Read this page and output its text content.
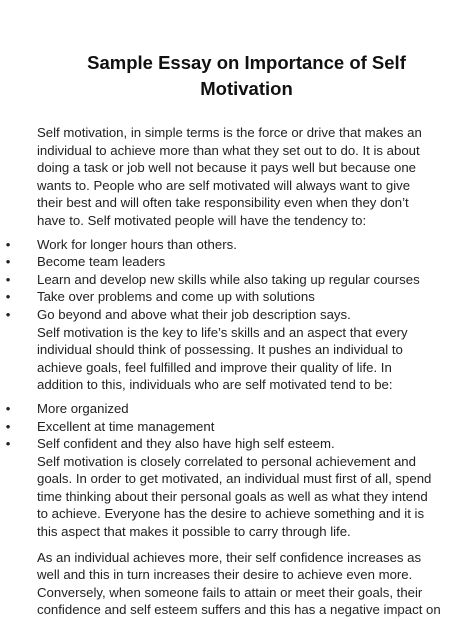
Sample Essay on Importance of Self
Motivation

Self motivation, in simple terms is the force or drive that makes an
individual to achieve more than what they set out to do. It is about
doing a task or job well not because it pays well but because one
wants to. People who are self motivated will always want to give
their best and will often take responsibility even when they don’t
have to. Self motivated people will have the tendency to:

• Work for longer hours than others.
• Become team leaders
• Learn and develop new skills while also taking up regular courses
• Take over problems and come up with solutions
• Go beyond and above what their job description says.

Self motivation is the key to life’s skills and an aspect that every
individual should think of possessing. It pushes an individual to
achieve goals, feel fulfilled and improve their quality of life. In
addition to this, individuals who are self motivated tend to be:

• More organized
• Excellent at time management
• Self confident and they also have high self esteem.

Self motivation is closely correlated to personal achievement and
goals. In order to get motivated, an individual must first of all, spend
time thinking about their personal goals as well as what they intend
to achieve. Everyone has the desire to achieve something and it is
this aspect that makes it possible to carry through life.

As an individual achieves more, their self confidence increases as
well and this in turn increases their desire to achieve even more.
Conversely, when someone fails to attain or meet their goals, their
confidence and self esteem suffers and this has a negative impact on
